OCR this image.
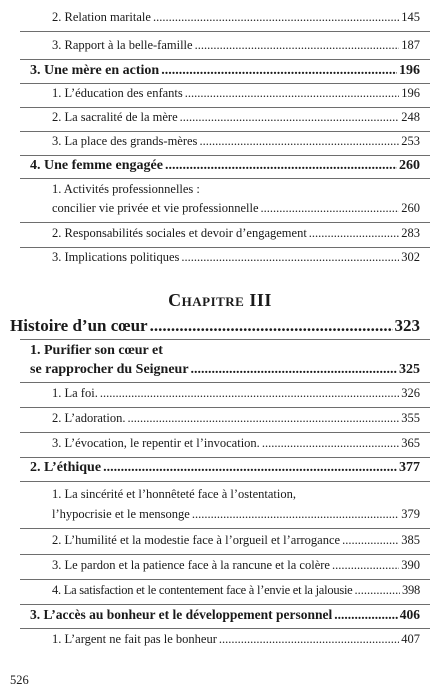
2. Relation maritale .....	145
3. Rapport à la belle-famille .....	187
3. Une mère en action .....	196
1. L’éducation des enfants .....	196
2. La sacralité de la mère .....	248
3. La place des grands-mères .....	253
4. Une femme engagée .....	260
1. Activités professionnelles :
concilier vie privée et vie professionnelle .....	260
2. Responsabilités sociales et devoir d’engagement .....	283
3. Implications politiques .....	302
Chapitre III
Histoire d’un cœur .....	323
1. Purifier son cœur et
se rapprocher du Seigneur .....	325
1. La foi. .....	326
2. L’adoration. .....	355
3. L’évocation, le repentir et l’invocation. .....	365
2. L’éthique .....	377
1. La sincérité et l’honnêteté face à l’ostentation,
l’hypocrisie et le mensonge .....	379
2. L’humilité et la modestie face à l’orgueil et l’arrogance .....	385
3. Le pardon et la patience face à la rancune et la colère .....	390
4. La satisfaction et le contentement face à l’envie et la jalousie .....	398
3. L’accès au bonheur et le développement personnel .....	406
1. L’argent ne fait pas le bonheur .....	407
526
